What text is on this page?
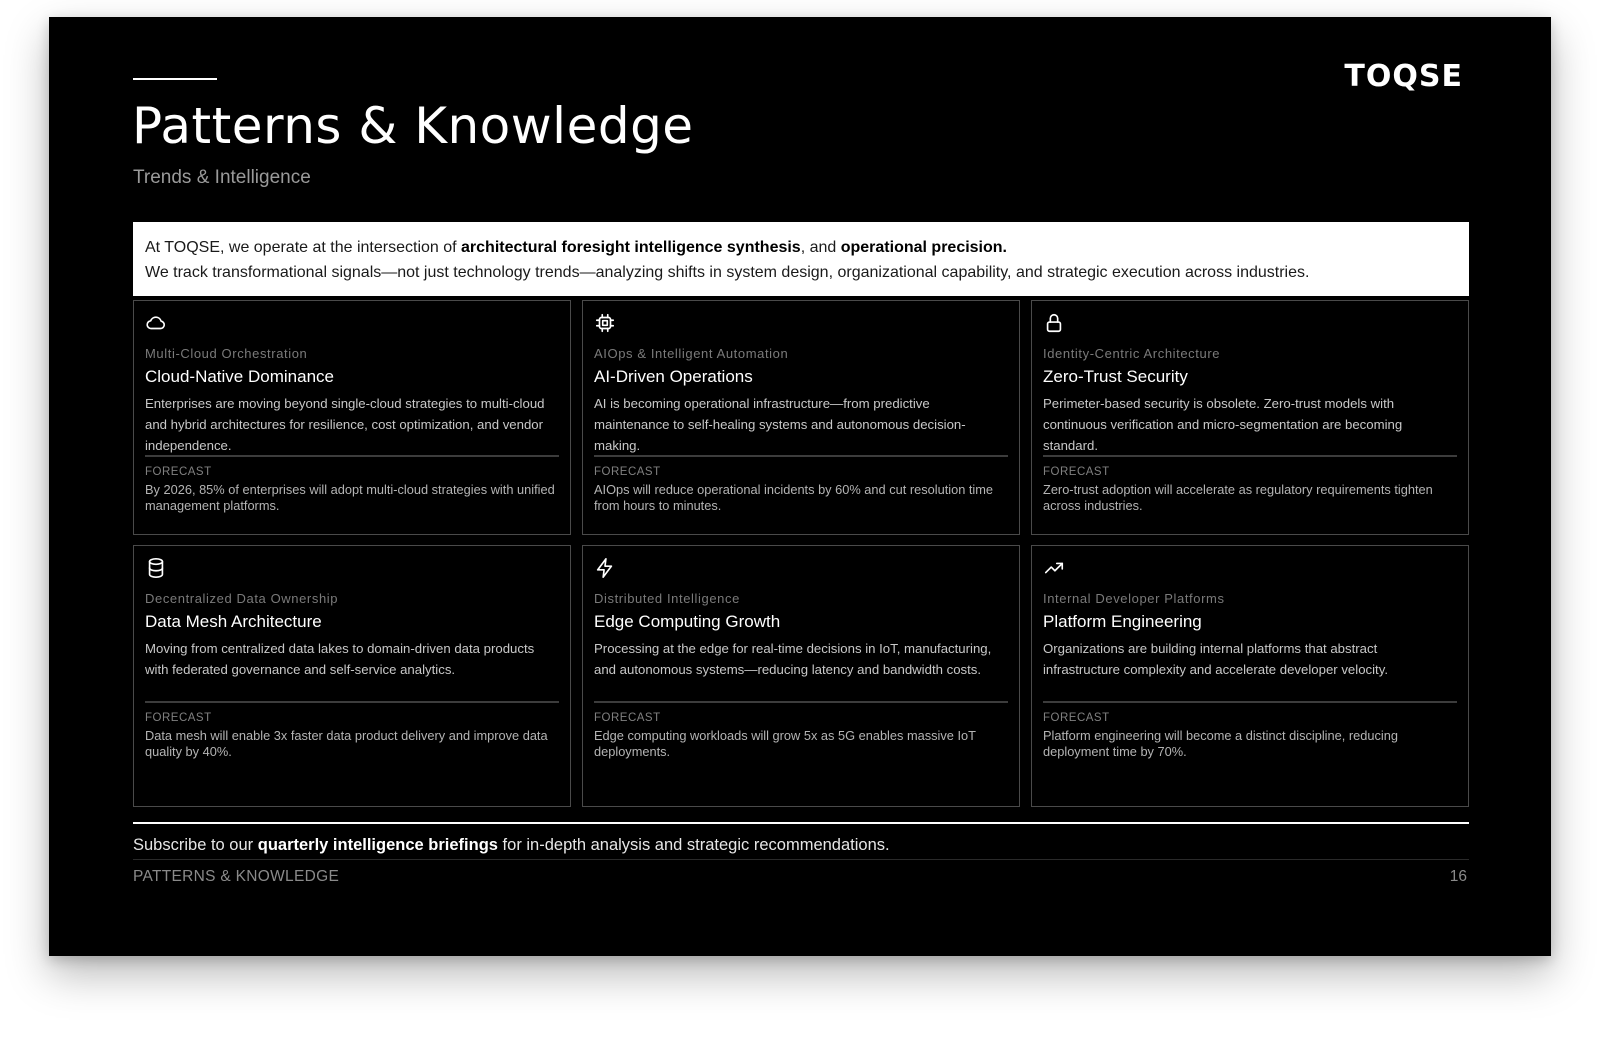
TOQSE
Patterns & Knowledge
Trends & Intelligence
At TOQSE, we operate at the intersection of architectural foresight intelligence synthesis, and operational precision.
We track transformational signals—not just technology trends—analyzing shifts in system design, organizational capability, and strategic execution across industries.
Multi-Cloud Orchestration
Cloud-Native Dominance
Enterprises are moving beyond single-cloud strategies to multi-cloud and hybrid architectures for resilience, cost optimization, and vendor independence.
FORECAST
By 2026, 85% of enterprises will adopt multi-cloud strategies with unified management platforms.
AIOps & Intelligent Automation
AI-Driven Operations
AI is becoming operational infrastructure—from predictive maintenance to self-healing systems and autonomous decision-making.
FORECAST
AIOps will reduce operational incidents by 60% and cut resolution time from hours to minutes.
Identity-Centric Architecture
Zero-Trust Security
Perimeter-based security is obsolete. Zero-trust models with continuous verification and micro-segmentation are becoming standard.
FORECAST
Zero-trust adoption will accelerate as regulatory requirements tighten across industries.
Decentralized Data Ownership
Data Mesh Architecture
Moving from centralized data lakes to domain-driven data products with federated governance and self-service analytics.
FORECAST
Data mesh will enable 3x faster data product delivery and improve data quality by 40%.
Distributed Intelligence
Edge Computing Growth
Processing at the edge for real-time decisions in IoT, manufacturing, and autonomous systems—reducing latency and bandwidth costs.
FORECAST
Edge computing workloads will grow 5x as 5G enables massive IoT deployments.
Internal Developer Platforms
Platform Engineering
Organizations are building internal platforms that abstract infrastructure complexity and accelerate developer velocity.
FORECAST
Platform engineering will become a distinct discipline, reducing deployment time by 70%.
Subscribe to our quarterly intelligence briefings for in-depth analysis and strategic recommendations.
PATTERNS & KNOWLEDGE	16
